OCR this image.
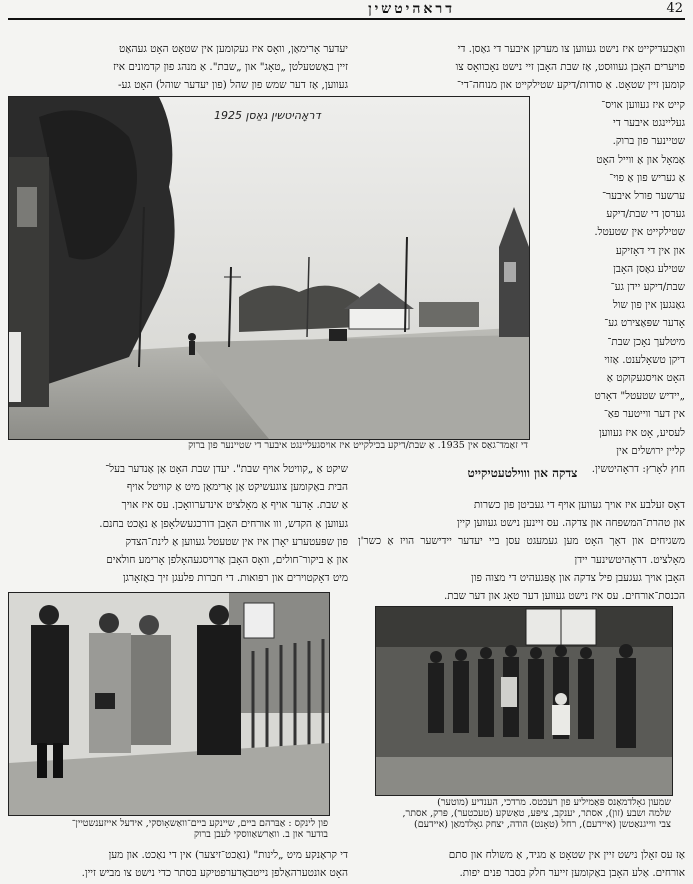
דראהיטשין	42

וואַכעדיקייט איז נישט געווען צו מערקן איבער די גאַסן. די

פויערים האָבן געוווּסט, אַז שבת האָבן זיי נישט נאָכוואָס צו

קומען זיין שטאָט. אַ סודות/דיקע שטילקייט און מנוחה־די־

יעדער אָרימאַן, וואָס איז געקומען אין שטאָט האָט געהאַט

זיין באַשטעלטן „טאָג" און „שבת". אַ מנהג פון קדמונים איז

געווען, אַז דער שמש פון שהל (פון יעדער שוהל) האָט גע-

קייט איז געווען אויס־

געליינגט איבער די

שטיינער פון ברוק.

אַמאָל און אַ ווייל האָט

אַ געריש פון אַ פוי־

ערשער פורל איבער־

גערסן די שבת/דיקע

שטילקייט אין שטעטל.

און אין די דאָזיקע

שטילע גאַסן האָבן

שבת/דיקע יידן גע־

גאַנגען אין פון שול

אָדער שפּאַצירט גע־

מיטלעך נאָכן שבת־

דיקן טשאָלענט. אַזוי

האָט אויסגעקוקט אַ

„יידיש שטעטל" דאָרט

אין דער ווייטער פאַ־

לעסיע, אָט איז געווען

קליין ירושלים אין

חוץ לאָרץ: דראָהיטשין.

דראָהיטשין גאַסן 1925
די זאַמד־גאַס אין 1935. אַ שבת/דיקע בכילקייט איז אויסגעליינגט איבער די שטיינער פון ברוק
צדקה און וווילטעטיקייט

שיקט אַ „קוויטל אויף שבת". יעדן שבת האָט אַן אַנדער בעל־

הבית באַקומען צוגעשיקט אַן אָרימאַן מיט אַ קוויטל אויף

אַ שבת. אָדער אויף אַ מאָלציט אינדערוואָכן. עס איז אויך

געווען אַ הקדש, ווו אורחים האָבן דורכגעשלאָפן אַ נאַכט בחנם.

פון שפּעטערע יאָרן איז אין שטעטל געווען אַ לינת־הצדק

און אַ ביקור־חולים, וואָס האָבן אַרויסגעהאָלפן אָרימע חולאים

מיט דאָקטוירים און רפואות. די חברות פלעגן זיך באַזאָרגן

דאָס זעלבע איז אויך געווען אויף די געביטן פון כשרות

און טהרת־המשפחה און צדקה. עס זיינען נישט געווען קיין

משגיחים און דאָך האָט מען געמעגט עסן ביי יעדער יידישער הויז אַ כשר'ן מאָלציט. דראָהיטשינער יידן

האָבן אויך געגעבן פיל צדקה און אָפּגעהיט די מצוה פון

הכנסת־אורחים. עס איז נישט געווען דער טאָג און דער שבת.

פון לינקס : אַבּרהם ביים, שיינקע ביים־וואַשאָוסקי, אידעל אייזענשטיין־
בודער און ב. וואַרשאַווסקי לעבן ברוק
שמעון גאָלדמאַנס פּאַמיליע פון רעכטס. מרדכי, הענדיע (מוטער)
שלמה ושבע (זון), אסתר, יענקב, ציפּע, טאַשקע (טעכטער), פּרק, אסתר,
צבי ווייגנאַטשן (איידעם), רחל (טאָנט) הודה, יצחק גאָלדמאַן (איידעם)

די קראַנקע מיט „לינות" (נאַכט־זיצער) אין די נאַכט. און מען

האָט אונטערהאַלפן נייטבאַדערפטיקע בסתר כדי נישט צו מביש זיין.

אַז עס זאָלן נישט זיין אין שטאָט אַ מגיד, אַ משולח און סתם

אורחים. אַלע האָבן באַקומען זייער חלק בסבר פנים יפות.
